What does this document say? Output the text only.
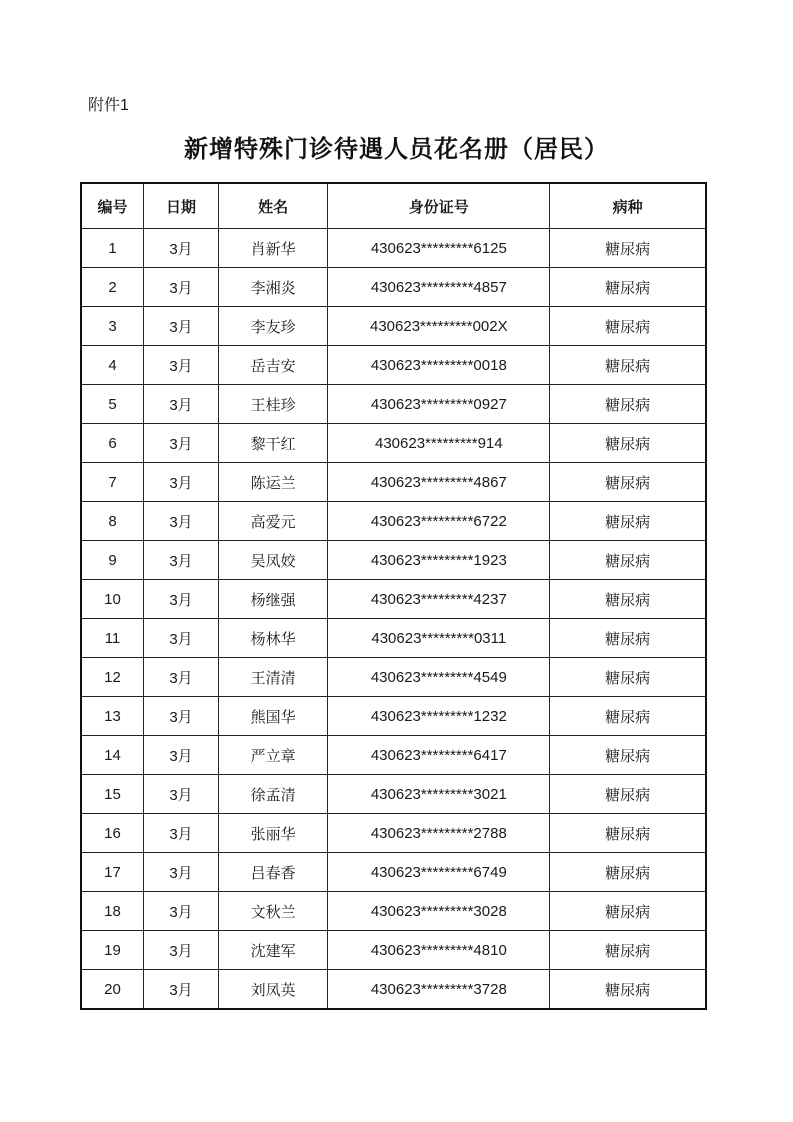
附件1
新增特殊门诊待遇人员花名册（居民）
编号	日期	姓名	身份证号	病种
1	3月	肖新华	430623*********6125	糖尿病
2	3月	李湘炎	430623*********4857	糖尿病
3	3月	李友珍	430623*********002X	糖尿病
4	3月	岳吉安	430623*********0018	糖尿病
5	3月	王桂珍	430623*********0927	糖尿病
6	3月	黎干红	430623*********914	糖尿病
7	3月	陈运兰	430623*********4867	糖尿病
8	3月	高爱元	430623*********6722	糖尿病
9	3月	吴凤姣	430623*********1923	糖尿病
10	3月	杨继强	430623*********4237	糖尿病
11	3月	杨林华	430623*********0311	糖尿病
12	3月	王清清	430623*********4549	糖尿病
13	3月	熊国华	430623*********1232	糖尿病
14	3月	严立章	430623*********6417	糖尿病
15	3月	徐孟清	430623*********3021	糖尿病
16	3月	张丽华	430623*********2788	糖尿病
17	3月	吕春香	430623*********6749	糖尿病
18	3月	文秋兰	430623*********3028	糖尿病
19	3月	沈建军	430623*********4810	糖尿病
20	3月	刘凤英	430623*********3728	糖尿病
